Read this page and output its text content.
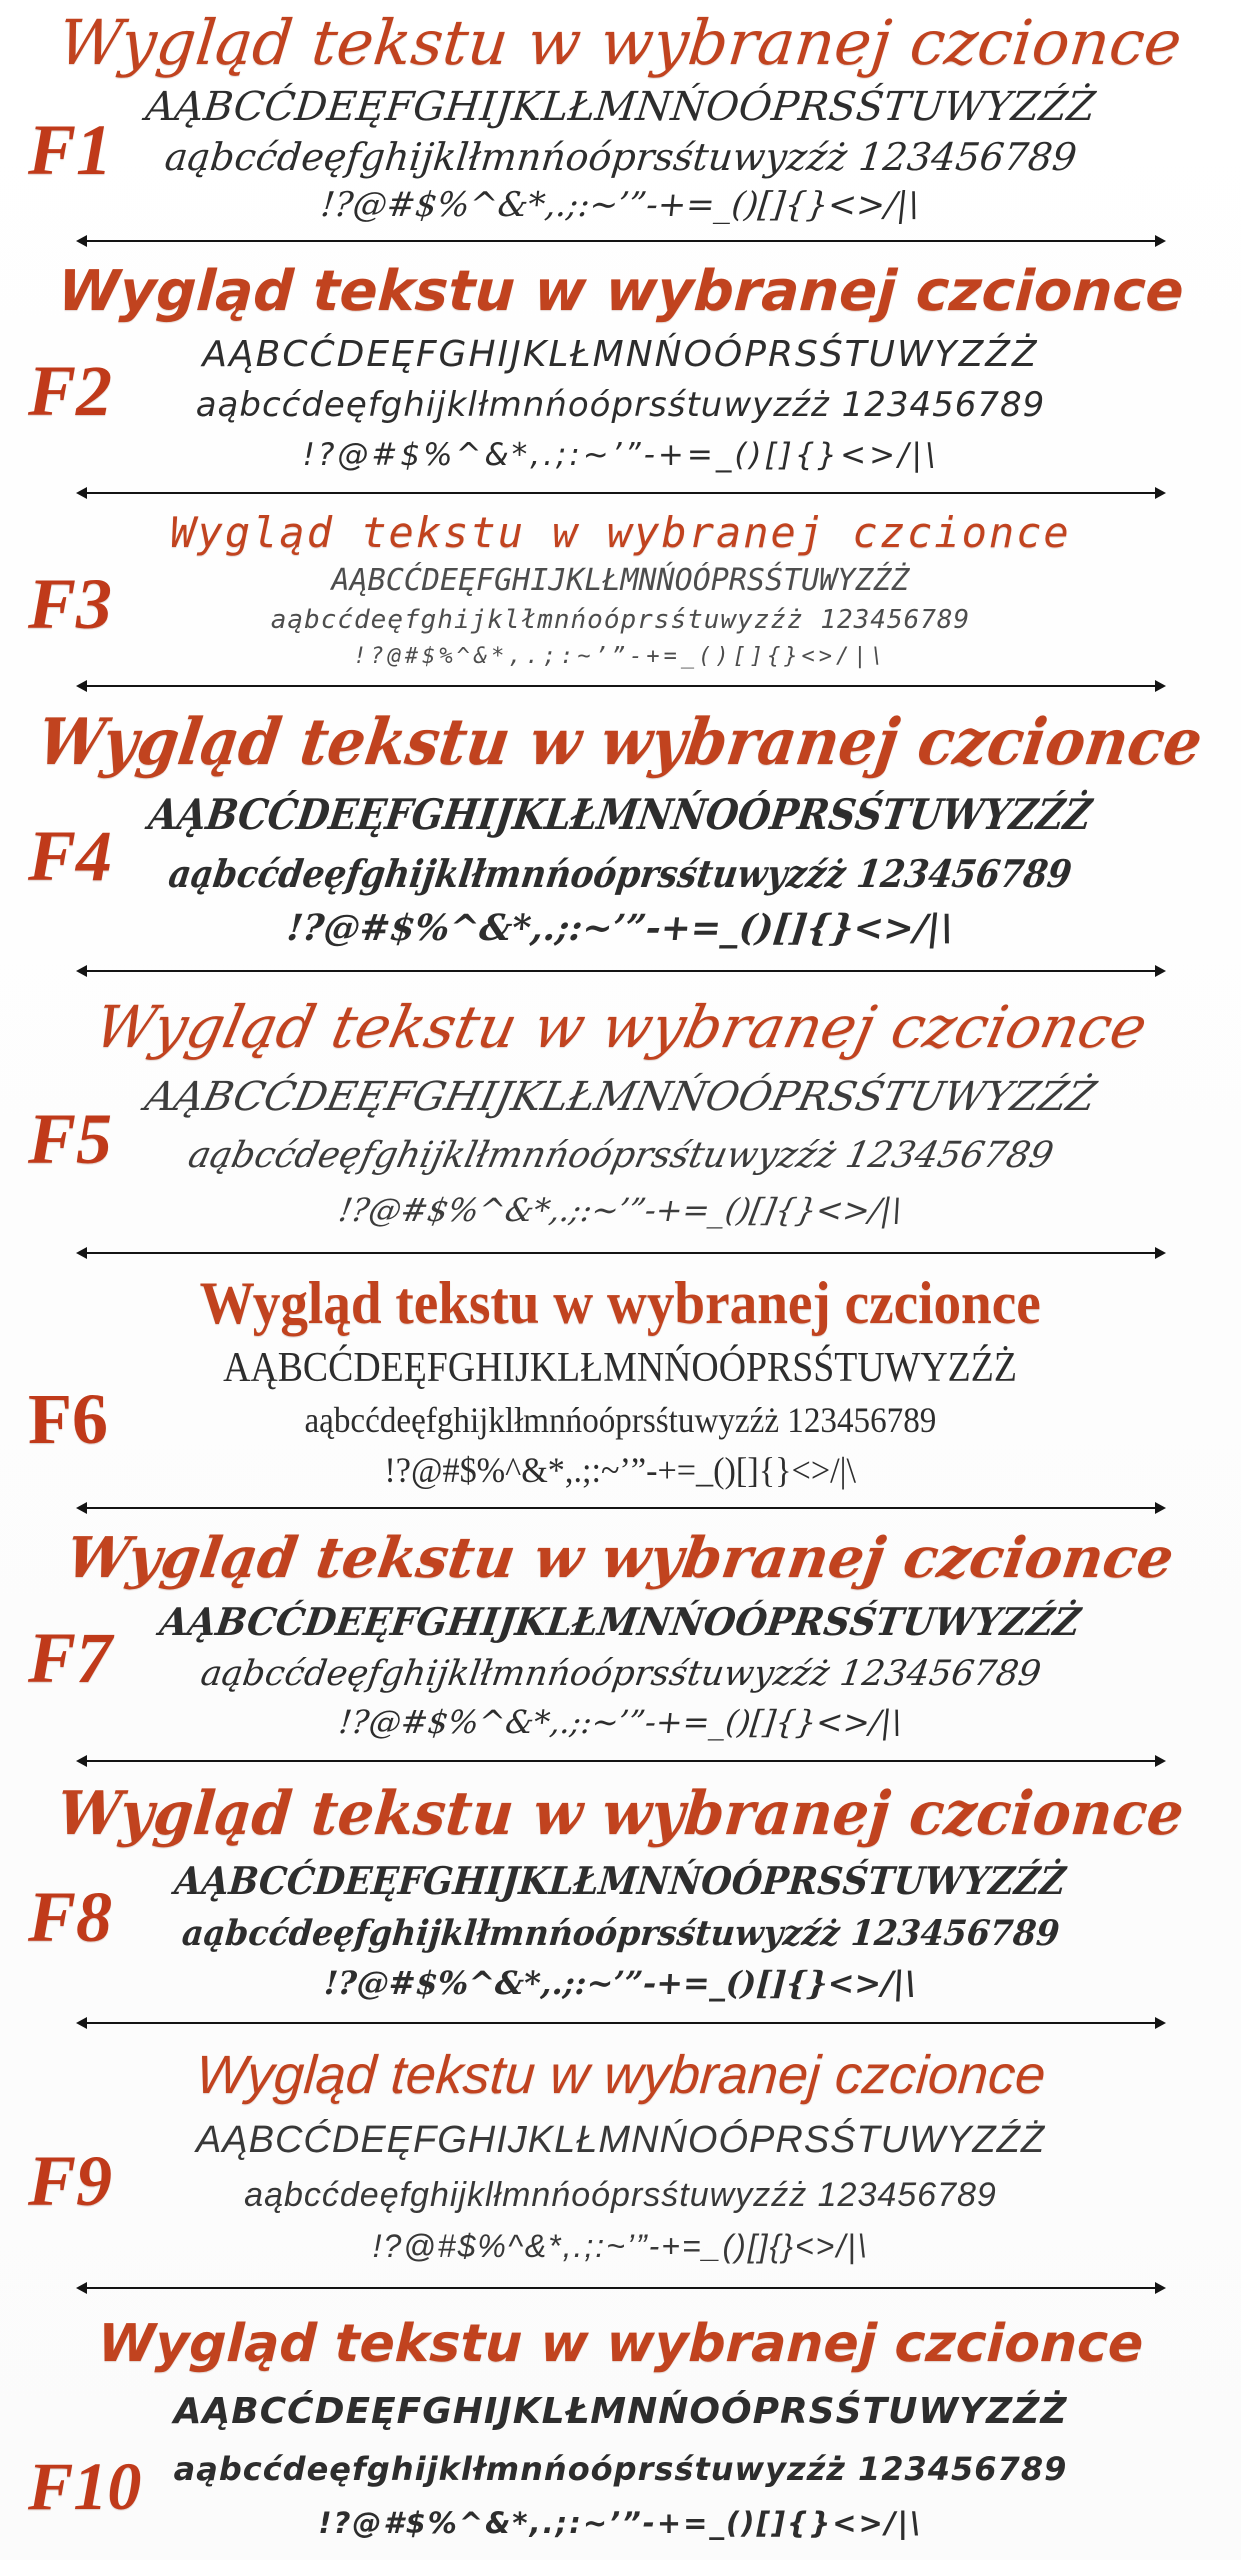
F1
Wygląd tekstu w wybranej czcionce
AĄBCĆDEĘFGHIJKLŁMNŃOÓPRSŚTUWYZŹŻ
aąbcćdeęfghijklłmnńoóprsśtuwyzźż 123456789
!?@#$%^&*,.;:~’”-+=_()[]{}<>/|\
F2
Wygląd tekstu w wybranej czcionce
AĄBCĆDEĘFGHIJKLŁMNŃOÓPRSŚTUWYZŹŻ
aąbcćdeęfghijklłmnńoóprsśtuwyzźż 123456789
!?@#$%^&*,.;:~’”-+=_()[]{}<>/|\
F3
Wygląd tekstu w wybranej czcionce
AĄBCĆDEĘFGHIJKLŁMNŃOÓPRSŚTUWYZŹŻ
aąbcćdeęfghijklłmnńoóprsśtuwyzźż 123456789
!?@#$%^&*,.;:~’”-+=_()[]{}<>/|\
F4
Wygląd tekstu w wybranej czcionce
AĄBCĆDEĘFGHIJKLŁMNŃOÓPRSŚTUWYZŹŻ
aąbcćdeęfghijklłmnńoóprsśtuwyzźż 123456789
!?@#$%^&*,.;:~’”-+=_()[]{}<>/|\
F5
Wygląd tekstu w wybranej czcionce
AĄBCĆDEĘFGHIJKLŁMNŃOÓPRSŚTUWYZŹŻ
aąbcćdeęfghijklłmnńoóprsśtuwyzźż 123456789
!?@#$%^&*,.;:~’”-+=_()[]{}<>/|\
F6
Wygląd tekstu w wybranej czcionce
AĄBCĆDEĘFGHIJKLŁMNŃOÓPRSŚTUWYZŹŻ
aąbcćdeęfghijklłmnńoóprsśtuwyzźż 123456789
!?@#$%^&*,.;:~’”-+=_()[]{}<>/|\
F7
Wygląd tekstu w wybranej czcionce
AĄBCĆDEĘFGHIJKLŁMNŃOÓPRSŚTUWYZŹŻ
aąbcćdeęfghijklłmnńoóprsśtuwyzźż 123456789
!?@#$%^&*,.;:~’”-+=_()[]{}<>/|\
F8
Wygląd tekstu w wybranej czcionce
AĄBCĆDEĘFGHIJKLŁMNŃOÓPRSŚTUWYZŹŻ
aąbcćdeęfghijklłmnńoóprsśtuwyzźż 123456789
!?@#$%^&*,.;:~’”-+=_()[]{}<>/|\
F9
Wygląd tekstu w wybranej czcionce
AĄBCĆDEĘFGHIJKLŁMNŃOÓPRSŚTUWYZŹŻ
aąbcćdeęfghijklłmnńoóprsśtuwyzźż 123456789
!?@#$%^&*,.;:~’”-+=_()[]{}<>/|\
F10
Wygląd tekstu w wybranej czcionce
AĄBCĆDEĘFGHIJKLŁMNŃOÓPRSŚTUWYZŹŻ
aąbcćdeęfghijklłmnńoóprsśtuwyzźż 123456789
!?@#$%^&*,.;:~’”-+=_()[]{}<>/|\
